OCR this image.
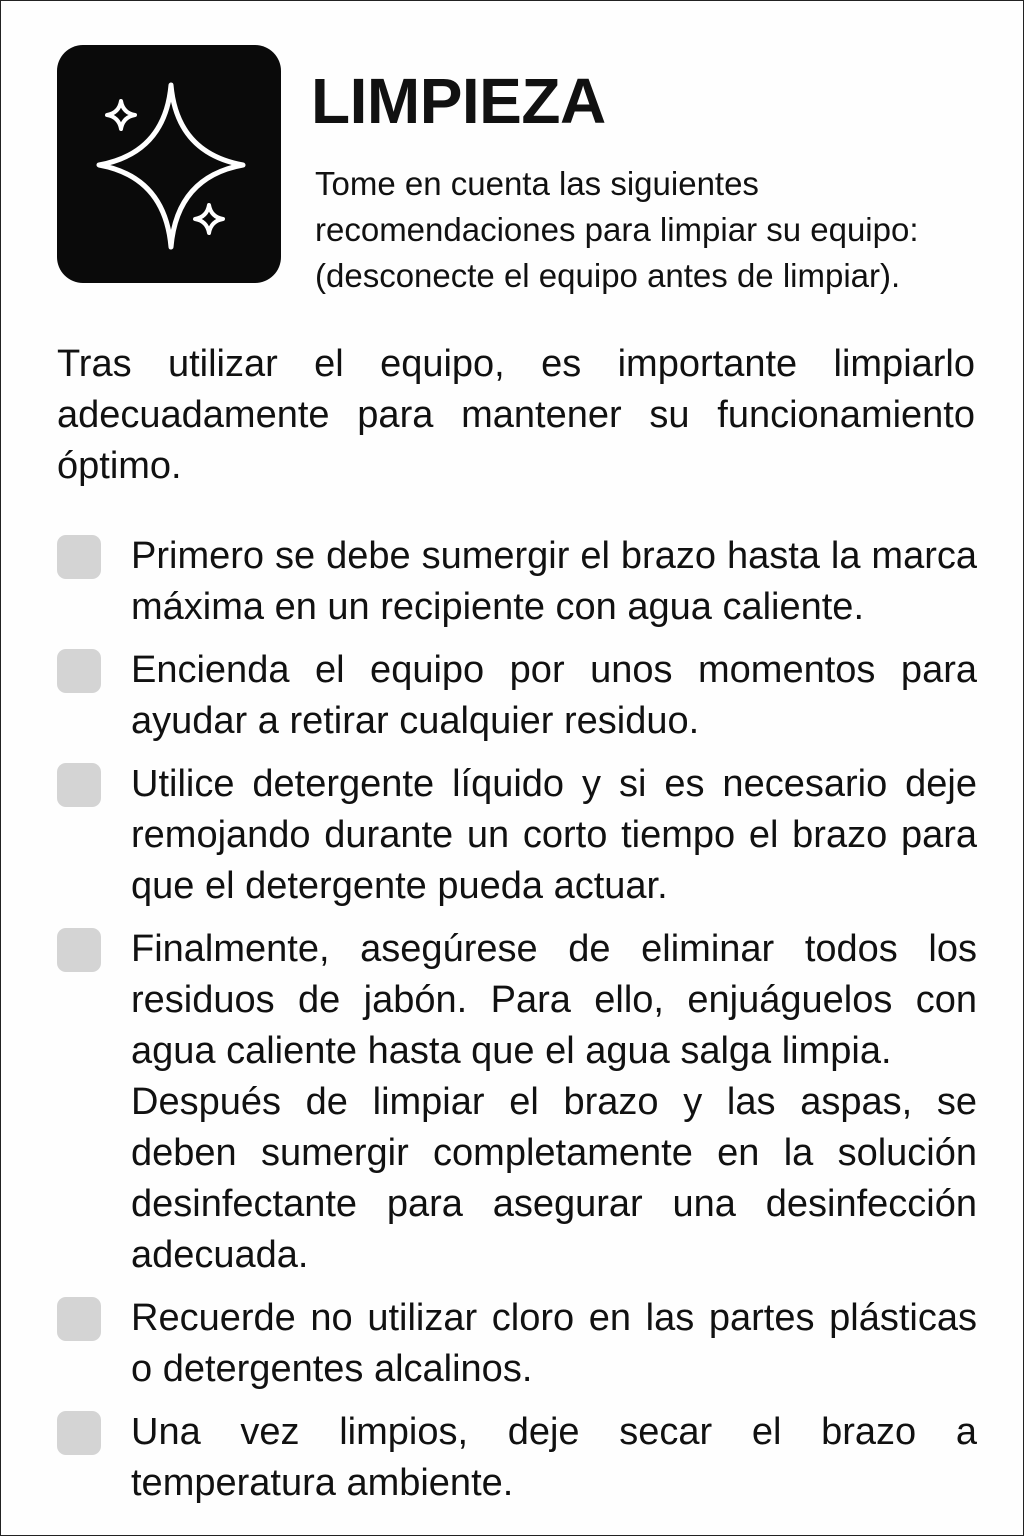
LIMPIEZA
Tome en cuenta las siguientes
recomendaciones para limpiar su equipo:
(desconecte el equipo antes de limpiar).

Tras utilizar el equipo, es importante limpiarlo adecuadamente para mantener su funcionamiento óptimo.

Primero se debe sumergir el brazo hasta la marca máxima en un recipiente con agua caliente.

Encienda el equipo por unos momentos para ayudar a retirar cualquier residuo.

Utilice detergente líquido y si es necesario deje remojando durante un corto tiempo el brazo para que el detergente pueda actuar.

Finalmente, asegúrese de eliminar todos los residuos de jabón. Para ello, enjuáguelos con agua caliente hasta que el agua salga limpia.

Después de limpiar el brazo y las aspas, se deben sumergir completamente en la solución desinfectante para asegurar una desinfección adecuada.

Recuerde no utilizar cloro en las partes plásticas o detergentes alcalinos.

Una vez limpios, deje secar el brazo a temperatura ambiente.
